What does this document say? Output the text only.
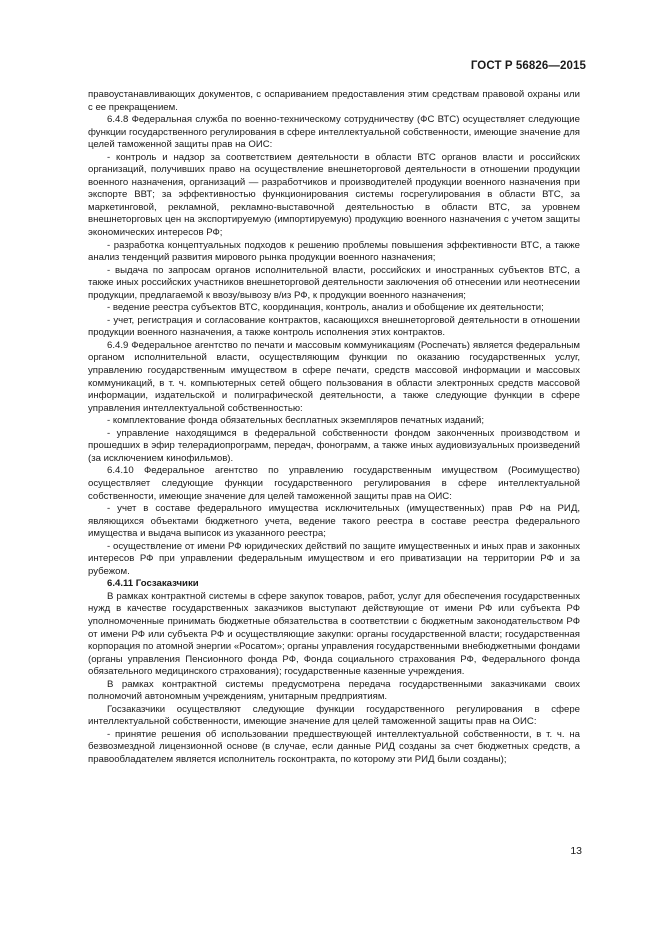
ГОСТ Р 56826—2015

правоустанавливающих документов, с оспариванием предоставления этим средствам правовой охраны или с ее прекращением.

6.4.8 Федеральная служба по военно-техническому сотрудничеству (ФС ВТС) осуществляет следующие функции государственного регулирования в сфере интеллектуальной собственности, имеющие значение для целей таможенной защиты прав на ОИС:

- контроль и надзор за соответствием деятельности в области ВТС органов власти и российских организаций, получивших право на осуществление внешнеторговой деятельности в отношении продукции военного назначения, организаций — разработчиков и производителей продукции военного назначения при экспорте ВВТ; за эффективностью функционирования системы госрегулирования в области ВТС, за маркетинговой, рекламной, рекламно-выставочной деятельностью в области ВТС, за уровнем внешнеторговых цен на экспортируемую (импортируемую) продукцию военного назначения с учетом защиты экономических интересов РФ;

- разработка концептуальных подходов к решению проблемы повышения эффективности ВТС, а также анализ тенденций развития мирового рынка продукции военного назначения;

- выдача по запросам органов исполнительной власти, российских и иностранных субъектов ВТС, а также иных российских участников внешнеторговой деятельности заключения об отнесении или неотнесении продукции, предлагаемой к ввозу/вывозу в/из РФ, к продукции военного назначения;

- ведение реестра субъектов ВТС, координация, контроль, анализ и обобщение их деятельности;

- учет, регистрация и согласование контрактов, касающихся внешнеторговой деятельности в отношении продукции военного назначения, а также контроль исполнения этих контрактов.

6.4.9 Федеральное агентство по печати и массовым коммуникациям (Роспечать) является федеральным органом исполнительной власти, осуществляющим функции по оказанию государственных услуг, управлению государственным имуществом в сфере печати, средств массовой информации и массовых коммуникаций, в т. ч. компьютерных сетей общего пользования в области электронных средств массовой информации, издательской и полиграфической деятельности, а также следующие функции в сфере управления интеллектуальной собственностью:

- комплектование фонда обязательных бесплатных экземпляров печатных изданий;

- управление находящимся в федеральной собственности фондом законченных производством и прошедших в эфир телерадиопрограмм, передач, фонограмм, а также иных аудиовизуальных произведений (за исключением кинофильмов).

6.4.10 Федеральное агентство по управлению государственным имуществом (Росимущество) осуществляет следующие функции государственного регулирования в сфере интеллектуальной собственности, имеющие значение для целей таможенной защиты прав на ОИС:

- учет в составе федерального имущества исключительных (имущественных) прав РФ на РИД, являющихся объектами бюджетного учета, ведение такого реестра в составе реестра федерального имущества и выдача выписок из указанного реестра;

- осуществление от имени РФ юридических действий по защите имущественных и иных прав и законных интересов РФ при управлении федеральным имуществом и его приватизации на территории РФ и за рубежом.

6.4.11 Госзаказчики

В рамках контрактной системы в сфере закупок товаров, работ, услуг для обеспечения государственных нужд в качестве государственных заказчиков выступают действующие от имени РФ или субъекта РФ уполномоченные принимать бюджетные обязательства в соответствии с бюджетным законодательством РФ от имени РФ или субъекта РФ и осуществляющие закупки: органы государственной власти; государственная корпорация по атомной энергии «Росатом»; органы управления государственными внебюджетными фондами (органы управления Пенсионного фонда РФ, Фонда социального страхования РФ, Федерального фонда обязательного медицинского страхования); государственные казенные учреждения.

В рамках контрактной системы предусмотрена передача государственными заказчиками своих полномочий автономным учреждениям, унитарным предприятиям.

Госзаказчики осуществляют следующие функции государственного регулирования в сфере интеллектуальной собственности, имеющие значение для целей таможенной защиты прав на ОИС:

- принятие решения об использовании предшествующей интеллектуальной собственности, в т. ч. на безвозмездной лицензионной основе (в случае, если данные РИД созданы за счет бюджетных средств, а правообладателем является исполнитель госконтракта, по которому эти РИД были созданы);

13
